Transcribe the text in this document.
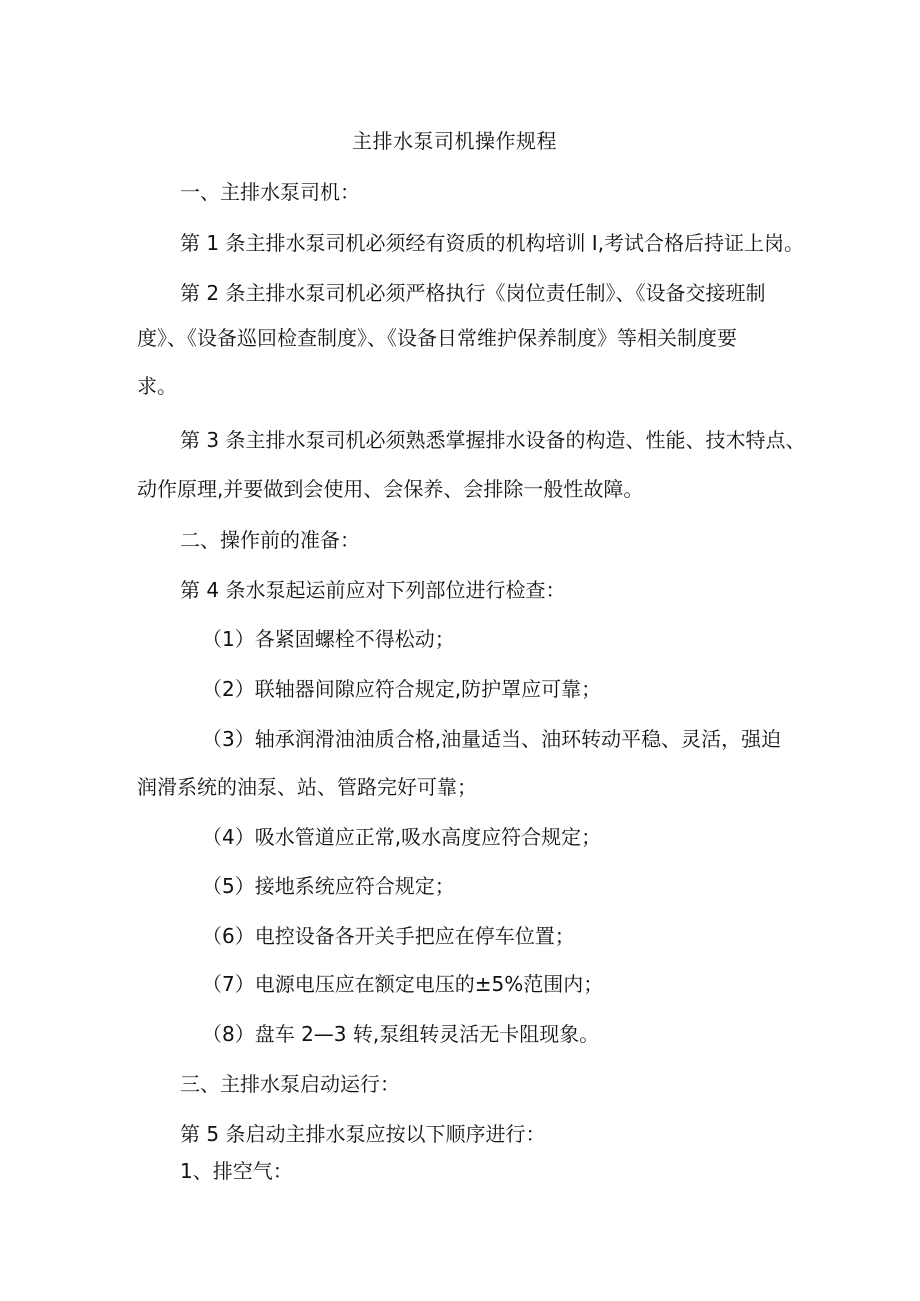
主排水泵司机操作规程
一、主排水泵司机：
第 1 条主排水泵司机必须经有资质的机构培训 I,考试合格后持证上岗。
第 2 条主排水泵司机必须严格执行《岗位责任制》、《设备交接班制
度》、《设备巡回检查制度》、《设备日常维护保养制度》等相关制度要
求。
第 3 条主排水泵司机必须熟悉掌握排水设备的构造、性能、技木特点、
动作原理,并要做到会使用、会保养、会排除一般性故障。
二、操作前的准备：
第 4 条水泵起运前应对下列部位进行检查：
（1）各紧固螺栓不得松动；
（2）联轴器间隙应符合规定,防护罩应可靠；
（3）轴承润滑油油质合格,油量适当、油环转动平稳、灵活，强迫
润滑系统的油泵、站、管路完好可靠；
（4）吸水管道应正常,吸水高度应符合规定；
（5）接地系统应符合规定；
（6）电控设备各开关手把应在停车位置；
（7）电源电压应在额定电压的±5%范围内；
（8）盘车 2—3 转,泵组转灵活无卡阻现象。
三、主排水泵启动运行：
第 5 条启动主排水泵应按以下顺序进行：
1、排空气：
